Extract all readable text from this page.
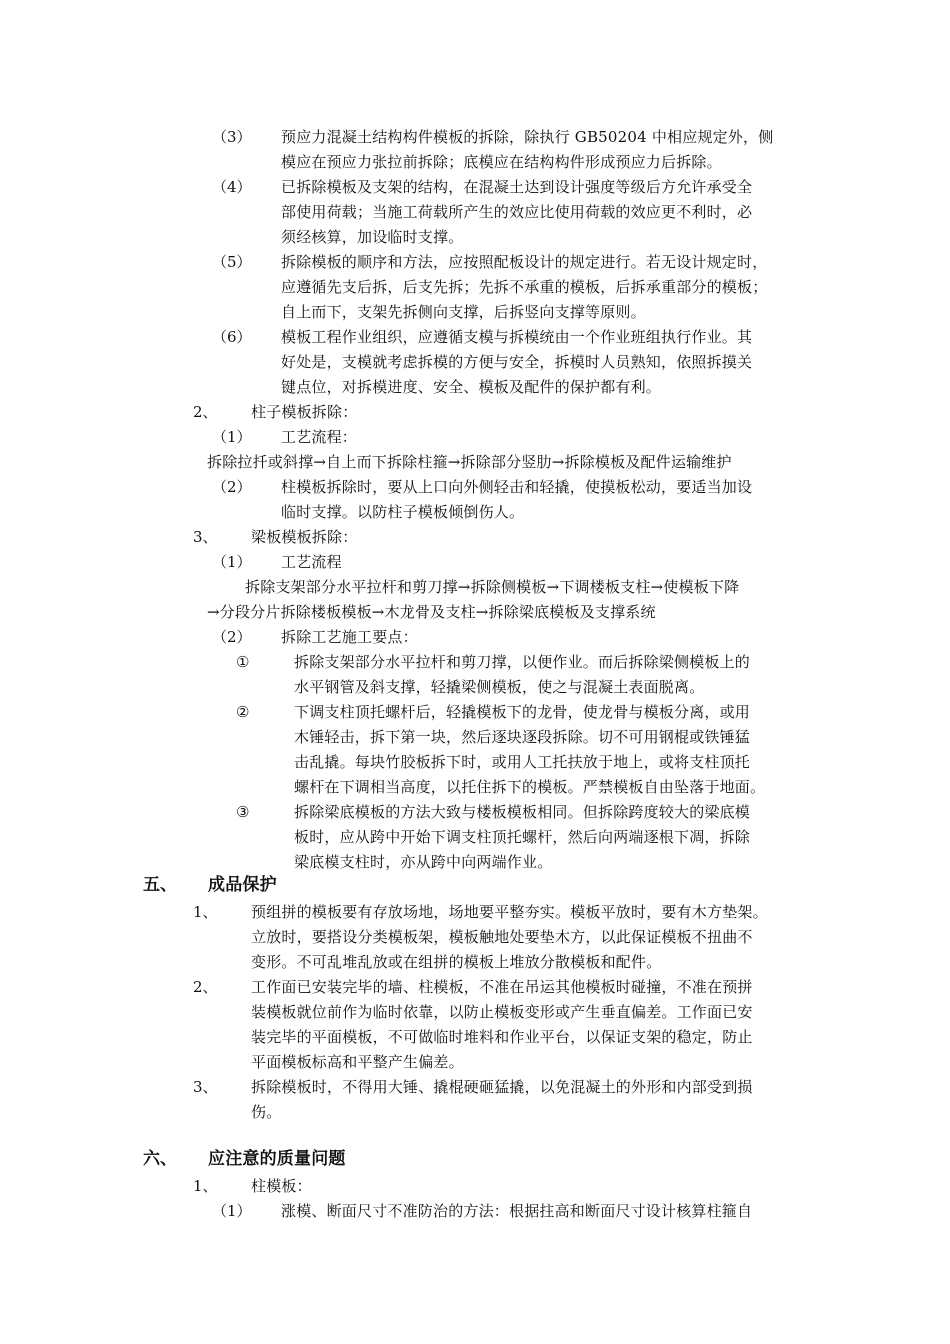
（3） 预应力混凝土结构构件模板的拆除，除执行 GB50204 中相应规定外，侧
模应在预应力张拉前拆除；底模应在结构构件形成预应力后拆除。
（4） 已拆除模板及支架的结构，在混凝土达到设计强度等级后方允许承受全
部使用荷载；当施工荷载所产生的效应比使用荷载的效应更不利时，必
须经核算，加设临时支撑。
（5） 拆除模板的顺序和方法，应按照配板设计的规定进行。若无设计规定时，
应遵循先支后拆，后支先拆；先拆不承重的模板，后拆承重部分的模板；
自上而下，支架先拆侧向支撑，后拆竖向支撑等原则。
（6） 模板工程作业组织，应遵循支模与拆模统由一个作业班组执行作业。其
好处是，支模就考虑拆模的方便与安全，拆模时人员熟知，依照拆摸关
键点位，对拆模进度、安全、模板及配件的保护都有利。
2、 柱子模板拆除：
（1） 工艺流程：
拆除拉扦或斜撑→自上而下拆除柱箍→拆除部分竖肋→拆除模板及配件运输维护
（2） 柱模板拆除时，要从上口向外侧轻击和轻撬，使摸板松动，要适当加设
临时支撑。以防柱子模板倾倒伤人。
3、 梁板模板拆除：
（1） 工艺流程
拆除支架部分水平拉杆和剪刀撑→拆除侧模板→下调楼板支柱→使模板下降
→分段分片拆除楼板模板→木龙骨及支柱→拆除梁底模板及支撑系统
（2） 拆除工艺施工要点：
①	拆除支架部分水平拉杆和剪刀撑，以便作业。而后拆除梁侧模板上的
水平钢管及斜支撑，轻撬梁侧模板，使之与混凝土表面脱离。
②	下调支柱顶托螺杆后，轻撬模板下的龙骨，使龙骨与模板分离，或用
木锤轻击，拆下第一块，然后逐块逐段拆除。切不可用钢棍或铁锤猛
击乱撬。每块竹胶板拆下时，或用人工托扶放于地上，或将支柱顶托
螺杆在下调相当高度，以托住拆下的模板。严禁模板自由坠落于地面。
③	拆除梁底模板的方法大致与楼板模板相同。但拆除跨度较大的梁底模
板时，应从跨中开始下调支柱顶托螺杆，然后向两端逐根下凋，拆除
梁底模支柱时，亦从跨中向两端作业。
五、 成品保护
1、 预组拼的模板要有存放场地，场地要平整夯实。模板平放时，要有木方垫架。
立放时，要搭设分类模板架，模板触地处要垫木方，以此保证模板不扭曲不
变形。不可乱堆乱放或在组拼的模板上堆放分散模板和配件。
2、 工作面已安装完毕的墙、柱模板，不准在吊运其他模板时碰撞，不准在预拼
装模板就位前作为临时依靠，以防止模板变形或产生垂直偏差。工作面已安
装完毕的平面模板，不可做临时堆料和作业平台，以保证支架的稳定，防止
平面模板标高和平整产生偏差。
3、 拆除模板时，不得用大锤、撬棍硬砸猛撬，以免混凝土的外形和内部受到损
伤。
六、 应注意的质量问题
1、 柱模板：
（1） 涨模、断面尺寸不准防治的方法：根据拄高和断面尺寸设计核算柱箍自
